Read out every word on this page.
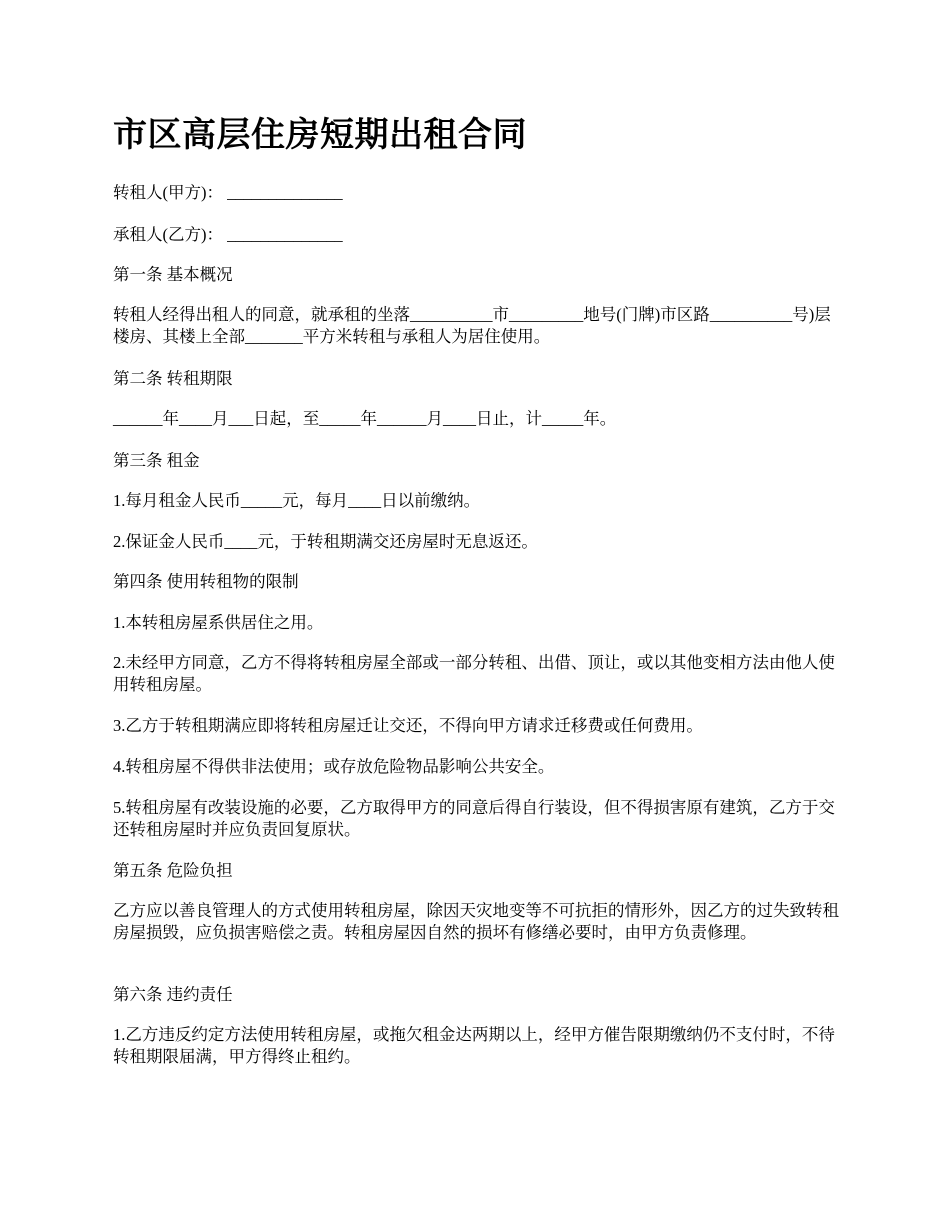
市区高层住房短期出租合同

转租人(甲方)： ______________

承租人(乙方)： ______________

第一条 基本概况

转租人经得出租人的同意，就承租的坐落__________市_________地号(门牌)市区路__________号)层楼房、其楼上全部_______平方米转租与承租人为居住使用。

第二条 转租期限

______年____月___日起，至_____年______月____日止，计_____年。

第三条 租金

1.每月租金人民币_____元，每月____日以前缴纳。

2.保证金人民币____元，于转租期满交还房屋时无息返还。

第四条 使用转租物的限制

1.本转租房屋系供居住之用。

2.未经甲方同意，乙方不得将转租房屋全部或一部分转租、出借、顶让，或以其他变相方法由他人使用转租房屋。

3.乙方于转租期满应即将转租房屋迁让交还，不得向甲方请求迁移费或任何费用。

4.转租房屋不得供非法使用；或存放危险物品影响公共安全。

5.转租房屋有改装设施的必要，乙方取得甲方的同意后得自行装设，但不得损害原有建筑，乙方于交还转租房屋时并应负责回复原状。

第五条 危险负担

乙方应以善良管理人的方式使用转租房屋，除因天灾地变等不可抗拒的情形外，因乙方的过失致转租房屋损毁，应负损害赔偿之责。转租房屋因自然的损坏有修缮必要时，由甲方负责修理。

第六条 违约责任

1.乙方违反约定方法使用转租房屋，或拖欠租金达两期以上，经甲方催告限期缴纳仍不支付时，不待转租期限届满，甲方得终止租约。
